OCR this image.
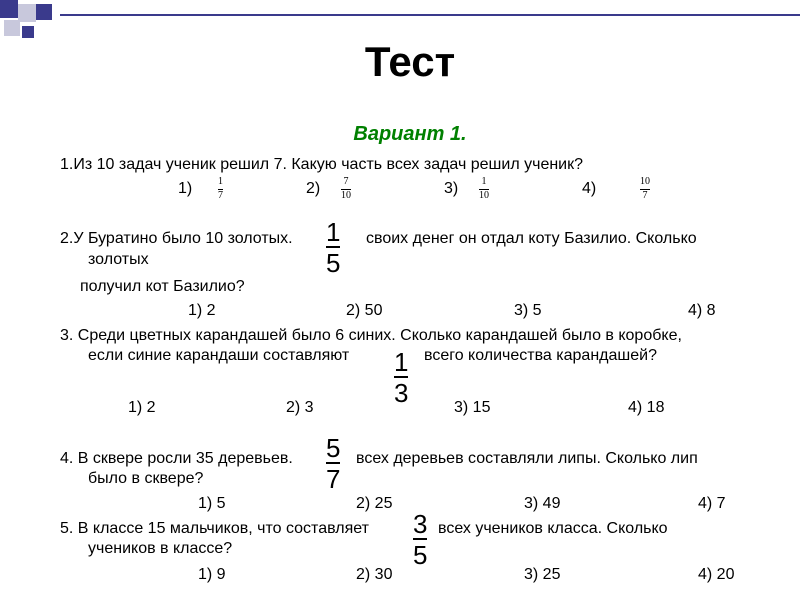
Тест
Вариант 1.
1.Из 10 задач ученик решил 7. Какую часть всех задач решил ученик?
1)	1
7	2) 7
10	3) 1
10	4)	10
7
2.У Буратино было 10 золотых. 1
5
своих денег он отдал коту Базилио. Сколько
золотых
получил кот Базилио?
1) 2	2) 50	3) 5	4) 8
3. Среди цветных карандашей было 6 синих. Сколько карандашей было в коробке,
если синие карандаши составляют 1
3
всего количества карандашей?
1) 2	2) 3	3) 15	4) 18
4. В сквере росли 35 деревьев. 5
7
всех деревьев составляли липы. Сколько лип
было в сквере?
1) 5	2) 25	3) 49	4) 7
5. В классе 15 мальчиков, что составляет 3
5
всех учеников класса. Сколько
учеников в классе?
1) 9	2) 30	3) 25	4) 20
